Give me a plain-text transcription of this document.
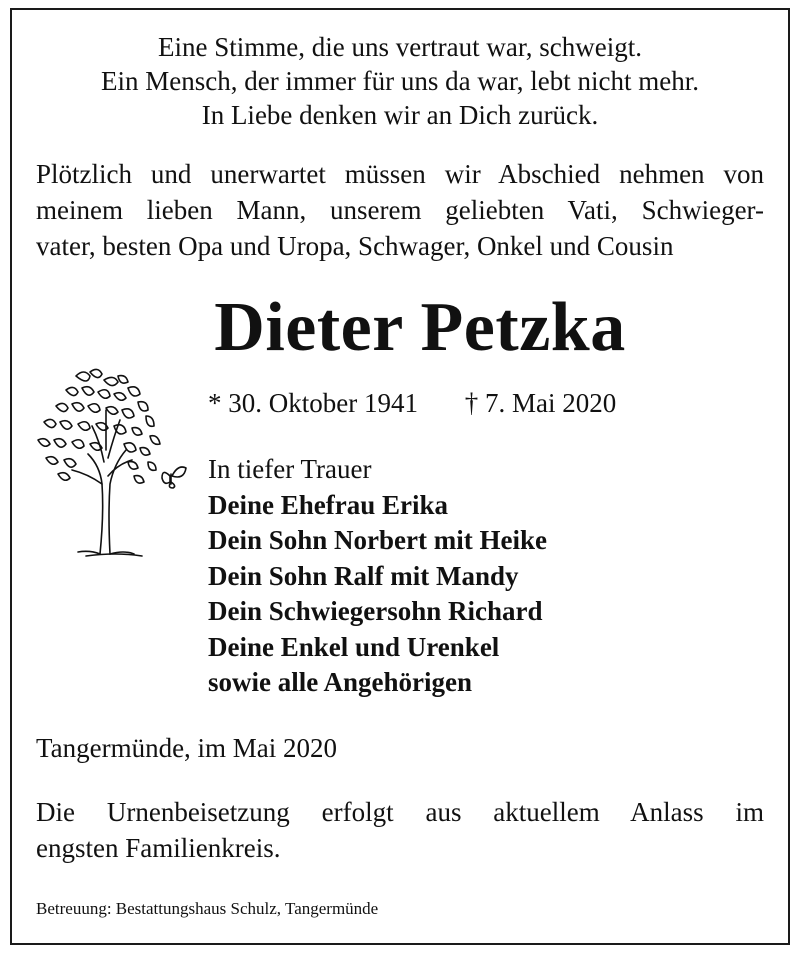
Eine Stimme, die uns vertraut war, schweigt.
Ein Mensch, der immer für uns da war, lebt nicht mehr.
In Liebe denken wir an Dich zurück.
Plötzlich und unerwartet müssen wir Abschied nehmen von
meinem lieben Mann, unserem geliebten Vati, Schwieger-
vater, besten Opa und Uropa, Schwager, Onkel und Cousin
Dieter Petzka
* 30. Oktober 1941 † 7. Mai 2020
In tiefer Trauer
Deine Ehefrau Erika
Dein Sohn Norbert mit Heike
Dein Sohn Ralf mit Mandy
Dein Schwiegersohn Richard
Deine Enkel und Urenkel
sowie alle Angehörigen
Tangermünde, im Mai 2020
Die Urnenbeisetzung erfolgt aus aktuellem Anlass im
engsten Familienkreis.
Betreuung: Bestattungshaus Schulz, Tangermünde
